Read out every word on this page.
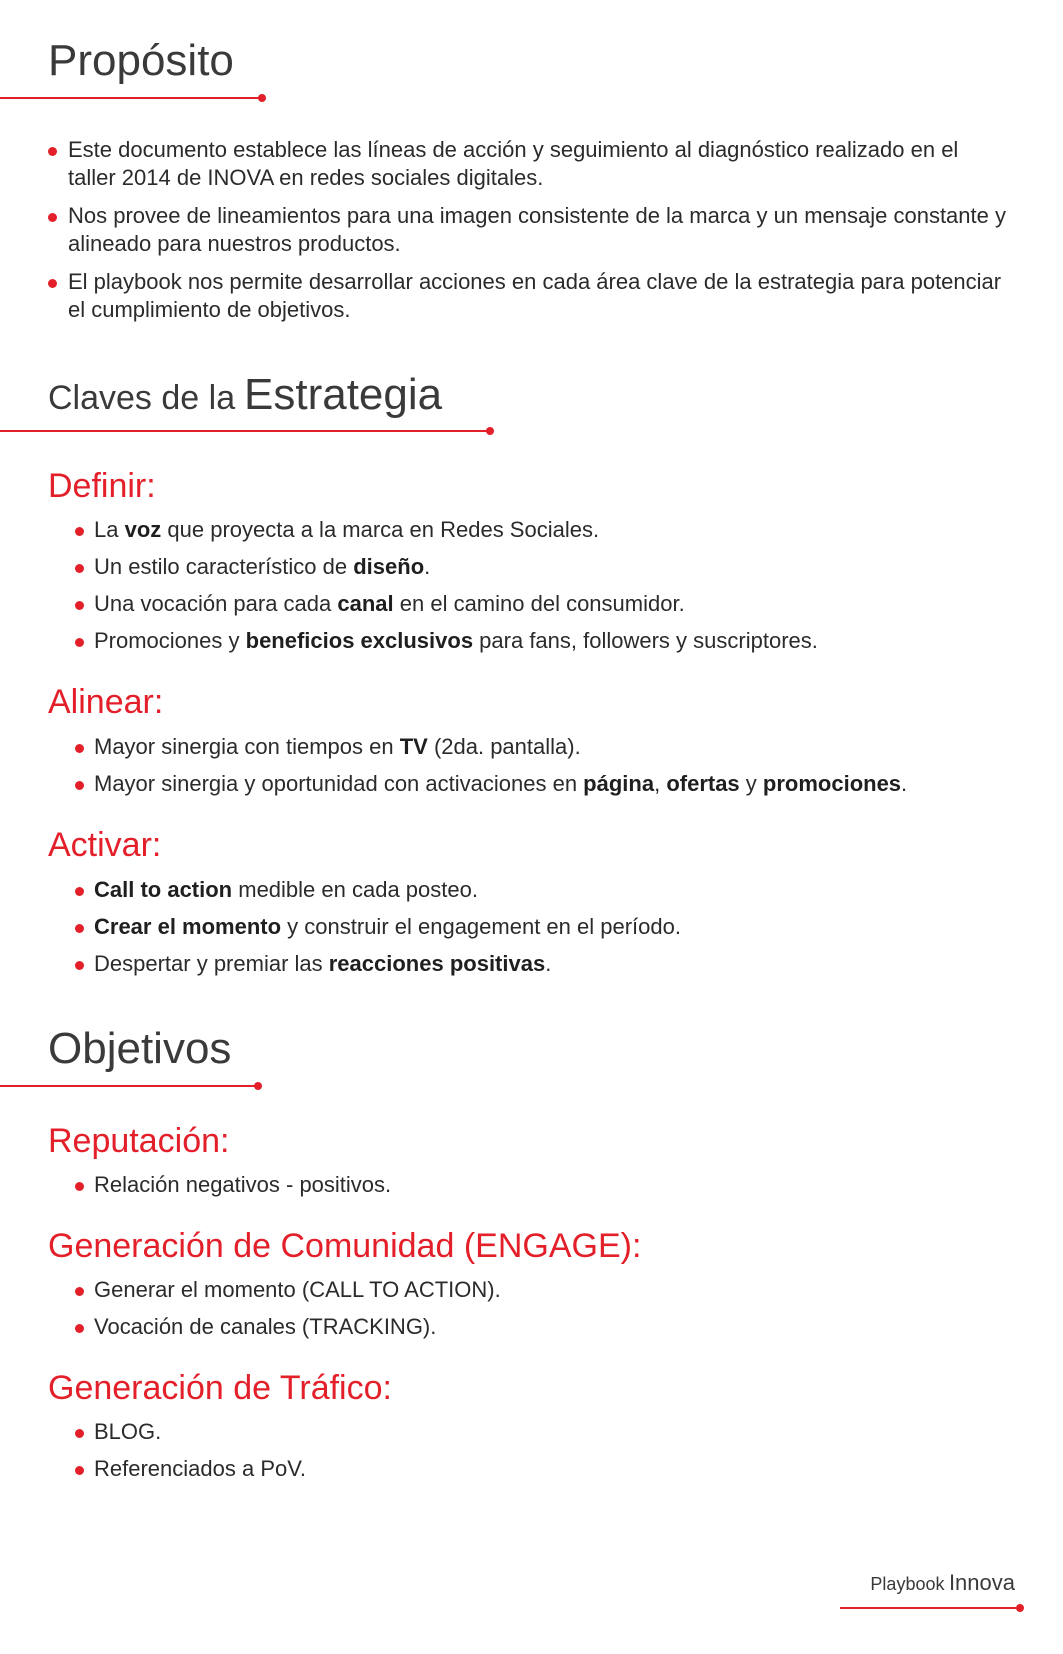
Propósito
Este documento establece las líneas de acción y seguimiento al diagnóstico realizado en el taller 2014 de INOVA en redes sociales digitales.
Nos provee de lineamientos para una imagen consistente de la marca y un mensaje constante y alineado para nuestros productos.
El playbook nos permite desarrollar acciones en cada área clave de la estrategia para potenciar el cumplimiento de objetivos.
Claves de la Estrategia
Definir:
La voz que proyecta a la marca en Redes Sociales.
Un estilo característico de diseño.
Una vocación para cada canal en el camino del consumidor.
Promociones y beneficios exclusivos para fans, followers y suscriptores.
Alinear:
Mayor sinergia con tiempos en TV (2da. pantalla).
Mayor sinergia y oportunidad con activaciones en página, ofertas y promociones.
Activar:
Call to action medible en cada posteo.
Crear el momento y construir el engagement en el período.
Despertar y premiar las reacciones positivas.
Objetivos
Reputación:
Relación negativos - positivos.
Generación de Comunidad (ENGAGE):
Generar el momento (CALL TO ACTION).
Vocación de canales (TRACKING).
Generación de Tráfico:
BLOG.
Referenciados a PoV.
Playbook Innova
